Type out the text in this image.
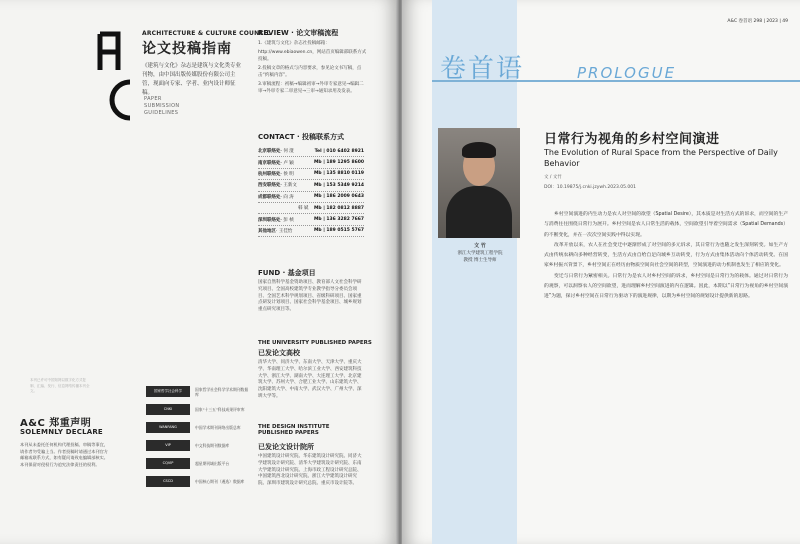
ARCHITECTURE & CULTURE COUNCIL
论文投稿指南
《建筑与文化》杂志是建筑与文化类专业刊物，由中国出版传媒股份有限公司主管，现面向专家、学者、业内设计师征稿。
PAPER
SUBMISSION
GUIDELINES
REVIEW · 论文审稿流程

1.《建筑与文化》杂志社投稿邮箱：

http://www.ebiaowen.cn，网站首页编辑部联系方式投稿。

2.投稿文章的格式与内容要求，参见论文书写稿，点击“约稿内容”。

3.审稿流程：初稿→编辑初审→外审专家意见→编辑二审→外审专家二审意见→三审→通知录用及发表。

CONTACT · 投稿联系方式
北京联络处· 何 澄	Tel | 010 6402 8921
南京联络处· 卢 颖	Mb | 189 1295 8600
杭州联络处· 侯 明	Mb | 135 8810 0119
西安联络处· 王新文	Mb | 153 5349 9214
成都联络处· 向 涛	Mb | 186 2009 0643
韩 斌 Mb | 182 0812 8887
深圳联络处· 彭 桢	Mb | 136 3282 7667
其他地区· 王佳怡	Mb | 189 0515 5767
FUND · 基金项目
国家自然科学基金资助项目、教育部人文社会科学研究项目、全国高校建筑学专业教学指导分委员会项目、全国艺术科学规划项目、省级科研项目、国家重点研发计划项目、国家社会科学基金项目、城乡规划重点研究项目等。
THE UNIVERSITY PUBLISHED PAPERS
已发论文高校
清华大学、同济大学、东南大学、天津大学、重庆大学、华南理工大学、哈尔滨工业大学、西安建筑科技大学、浙江大学、湖南大学、大连理工大学、北京建筑大学、苏州大学、合肥工业大学、山东建筑大学、沈阳建筑大学、中南大学、武汉大学、广州大学、深圳大学等。
THE DESIGN INSTITUTE PUBLISHED PAPERS
已发论文设计院所
中国建筑设计研究院、华东建筑设计研究院、同济大学建筑设计研究院、清华大学建筑设计研究院、东南大学建筑设计研究院、上海市政工程设计研究总院、中国建筑西北设计研究院、浙江大学建筑设计研究院、深圳市建筑设计研究总院、重庆市设计院等。
国家哲学社会科学	国家哲学社会科学学术期刊数据库
CNKI	国家“十三五”科技成果评审库
WANFANG	中国学术期刊网络出版总库
VIP	中文科技期刊数据库
CQVIP	超星期刊域出版平台
CSCD	中国核心期刊（遴选）数据库
本刊已许可中国知网以数字化方式复制、汇编、发行、信息网络传播本刊全文。
A&C 郑重声明
SOLEMNLY DECLARE
本刊从未委托任何机构代理投稿、审稿等事宜，请作者勿受骗上当。作者投稿时请通过本刊官方邮箱或联系方式，如有疑问请致电编辑部核实。本刊保留对侵权行为追究法律责任的权利。
A&C 卷首语 298 | 2023 | 49
卷首语	PROLOGUE
文 竹
浙江大学建筑工程学院
教授 博士生导师
日常行为视角的乡村空间演进
The Evolution of Rural Space from the Perspective of Daily Behavior
文 / 文竹
DOI：10.19875/j.cnki.jzywh.2023.05.001

乡村空间演进的内生动力是农人对空间的欲望（Spatial Desire），其本质是对生活方式的诉求，而空间的生产与消费往往围绕日常行为展开。乡村空间是农人日常生活的载体，空间欲望引导着空间需求（Spatial Demands）的不断变化，并在一次次空间实践中得以实现。

改革开放以来，农人在社会变迁中逐渐形成了对空间的多元诉求，其日常行为也随之发生深刻转变。如生产方式由传统农耕向多种经营转变，生活方式由自给自足向城乡互动转变，行为方式由集体活动向个体活动转变。在国家乡村振兴背景下，乡村空间正在经历由物质空间向社会空间的转型，空间演进的动力机制也发生了相应的变化。

变迁与日常行为紧密相关。日常行为是农人对乡村空间的诉求，乡村空间是日常行为的载体。通过对日常行为的观察，可以洞察农人的空间欲望，进而理解乡村空间演进的内在逻辑。因此，本期以“日常行为视角的乡村空间演进”为题，探讨乡村空间在日常行为驱动下的演进规律，以期为乡村空间的规划设计提供新的思路。
